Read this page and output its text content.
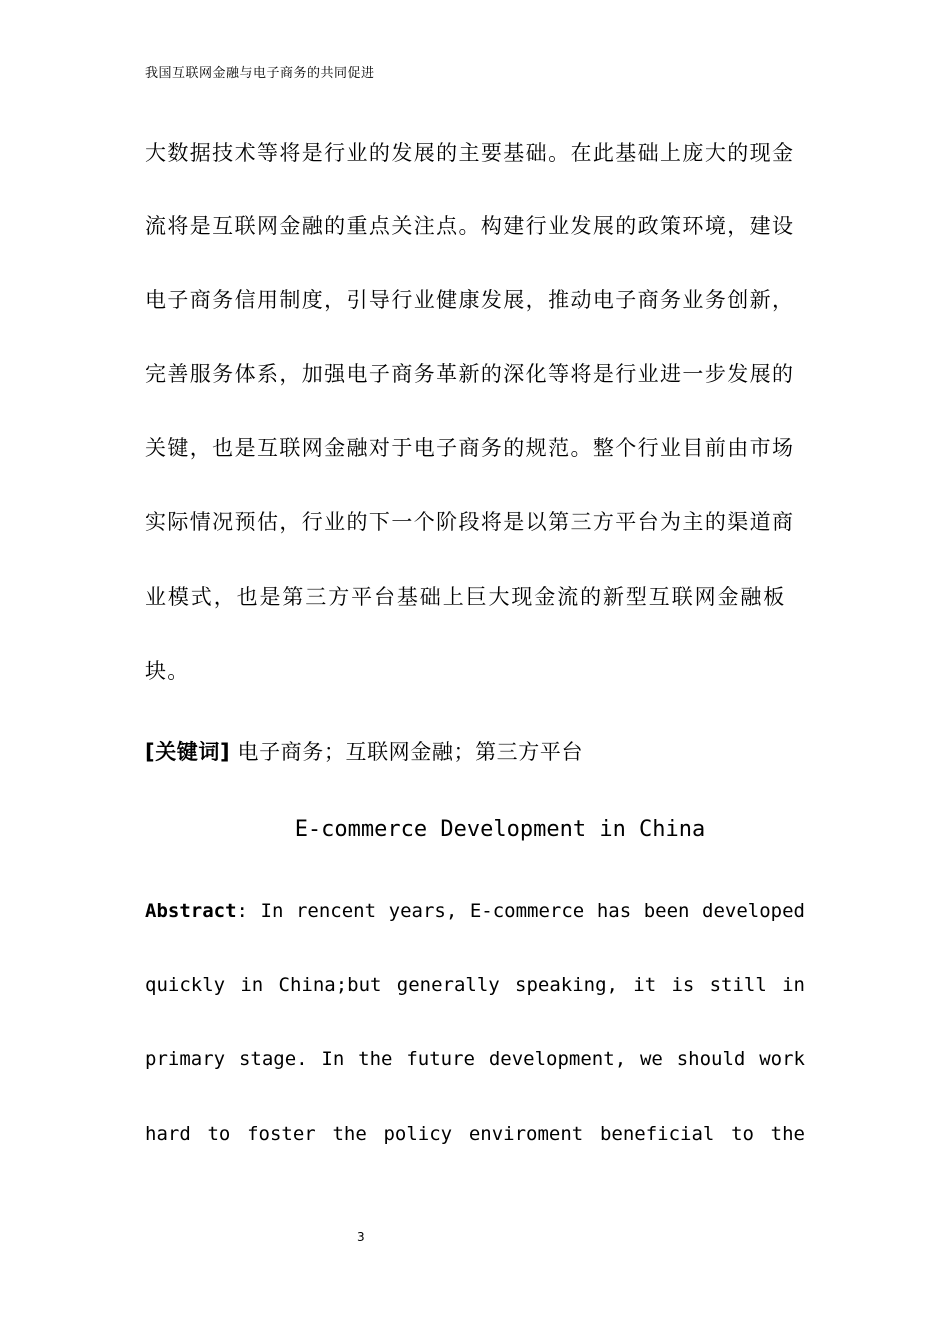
我国互联网金融与电子商务的共同促进
大数据技术等将是行业的发展的主要基础。在此基础上庞大的现金
流将是互联网金融的重点关注点。构建行业发展的政策环境，建设
电子商务信用制度，引导行业健康发展，推动电子商务业务创新，
完善服务体系，加强电子商务革新的深化等将是行业进一步发展的
关键，也是互联网金融对于电子商务的规范。整个行业目前由市场
实际情况预估，行业的下一个阶段将是以第三方平台为主的渠道商
业模式，也是第三方平台基础上巨大现金流的新型互联网金融板
块。
[关键词] 电子商务；互联网金融；第三方平台
E-commerce Development in China
Abstract: In rencent years, E-commerce has been developed
quickly in China;but generally speaking, it is still in
primary stage. In the future development, we should work
hard to foster the policy enviroment beneficial to the
3
